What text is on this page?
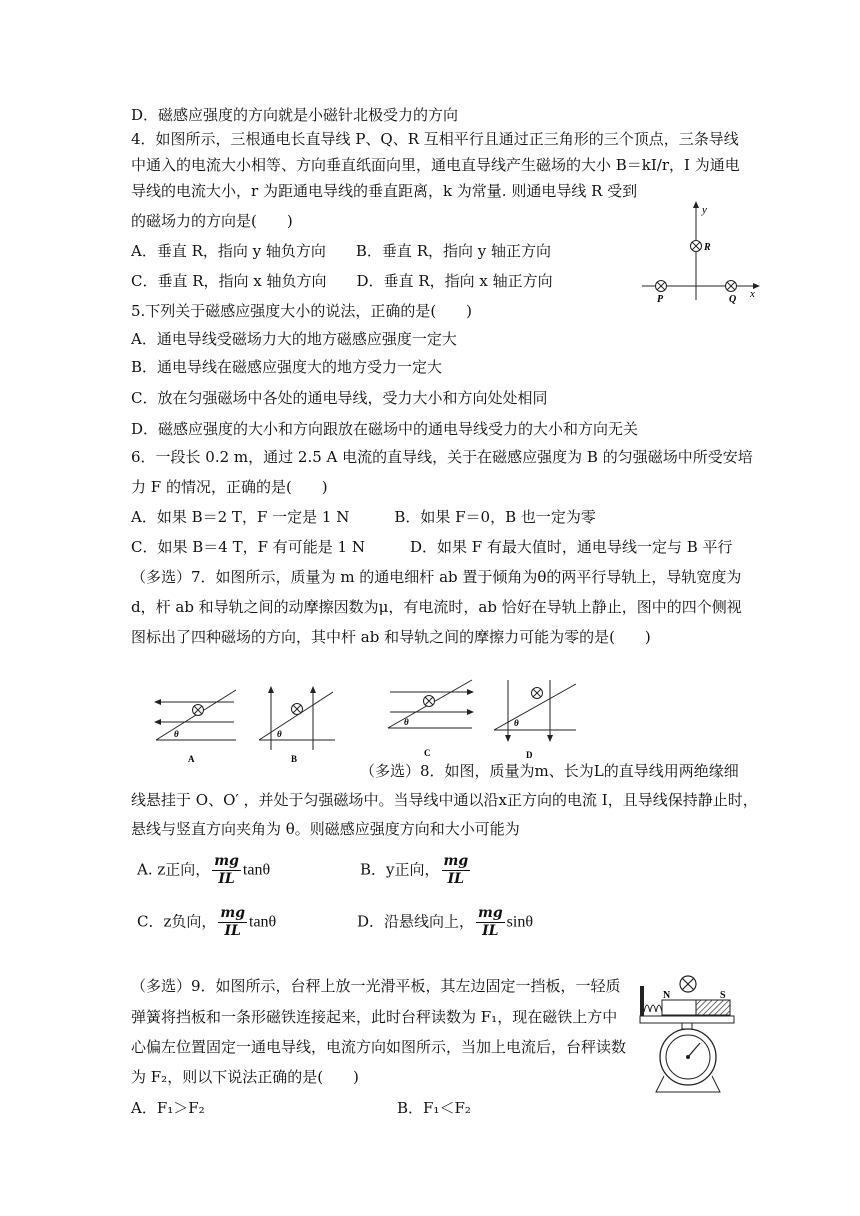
D．磁感应强度的方向就是小磁针北极受力的方向
4．如图所示，三根通电长直导线 P、Q、R 互相平行且通过正三角形的三个顶点，三条导线
中通入的电流大小相等、方向垂直纸面向里，通电直导线产生磁场的大小 B＝kI/r，I 为通电
导线的电流大小，r 为距通电导线的垂直距离，k 为常量. 则通电导线 R 受到
的磁场力的方向是(　　)
A．垂直 R，指向 y 轴负方向　　B．垂直 R，指向 y 轴正方向
C．垂直 R，指向 x 轴负方向　　D．垂直 R，指向 x 轴正方向
5.下列关于磁感应强度大小的说法，正确的是(　　)
A．通电导线受磁场力大的地方磁感应强度一定大
B．通电导线在磁感应强度大的地方受力一定大
C．放在匀强磁场中各处的通电导线，受力大小和方向处处相同
D．磁感应强度的大小和方向跟放在磁场中的通电导线受力的大小和方向无关
6．一段长 0.2 m，通过 2.5 A 电流的直导线，关于在磁感应强度为 B 的匀强磁场中所受安培
力 F 的情况，正确的是(　　)
A．如果 B＝2 T，F 一定是 1 N　　　B．如果 F＝0，B 也一定为零
C．如果 B＝4 T，F 有可能是 1 N　　　D．如果 F 有最大值时，通电导线一定与 B 平行
（多选）7．如图所示，质量为 m 的通电细杆 ab 置于倾角为θ的两平行导轨上，导轨宽度为
d，杆 ab 和导轨之间的动摩擦因数为μ，有电流时，ab 恰好在导轨上静止，图中的四个侧视
图标出了四种磁场的方向，其中杆 ab 和导轨之间的摩擦力可能为零的是(　　)
（多选）8．如图，质量为m、长为L的直导线用两绝缘细
线悬挂于 O、O′ ，并处于匀强磁场中。当导线中通以沿x正方向的电流 I，且导线保持静止时，
悬线与竖直方向夹角为 θ。则磁感应强度方向和大小可能为
A. z正向， $\frac{mg}{IL}$ tanθ	B．y正向， $\frac{mg}{IL}$
C．z负向， $\frac{mg}{IL}$ tanθ	D．沿悬线向上， $\frac{mg}{IL}$ sinθ
（多选）9．如图所示，台秤上放一光滑平板，其左边固定一挡板，一轻质
弹簧将挡板和一条形磁铁连接起来，此时台秤读数为 F₁，现在磁铁上方中
心偏左位置固定一通电导线，电流方向如图所示，当加上电流后，台秤读数
为 F₂，则以下说法正确的是(　　)
A．F₁＞F₂	B．F₁＜F₂
y
x
R
P	Q
θ
A
θ
B
θ
C
θ
D
N	S
